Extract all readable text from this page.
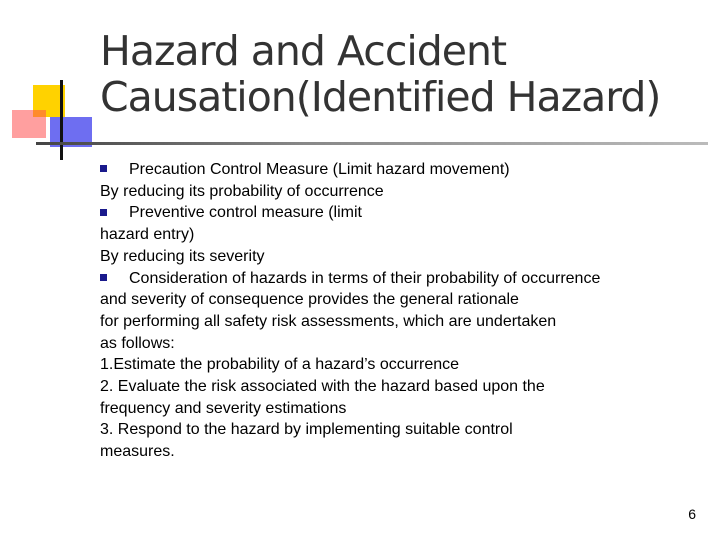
Hazard and Accident
Causation(Identified Hazard)
Precaution Control Measure (Limit hazard movement)
By reducing its probability of occurrence
Preventive control measure (limit
hazard entry)
By reducing its severity
Consideration of hazards in terms of their probability of occurrence
and severity of consequence provides the general rationale
for performing all safety risk assessments, which are undertaken
as follows:
1.Estimate the probability of a hazard’s occurrence
2. Evaluate the risk associated with the hazard based upon the
frequency and severity estimations
3. Respond to the hazard by implementing suitable control
measures.
6
